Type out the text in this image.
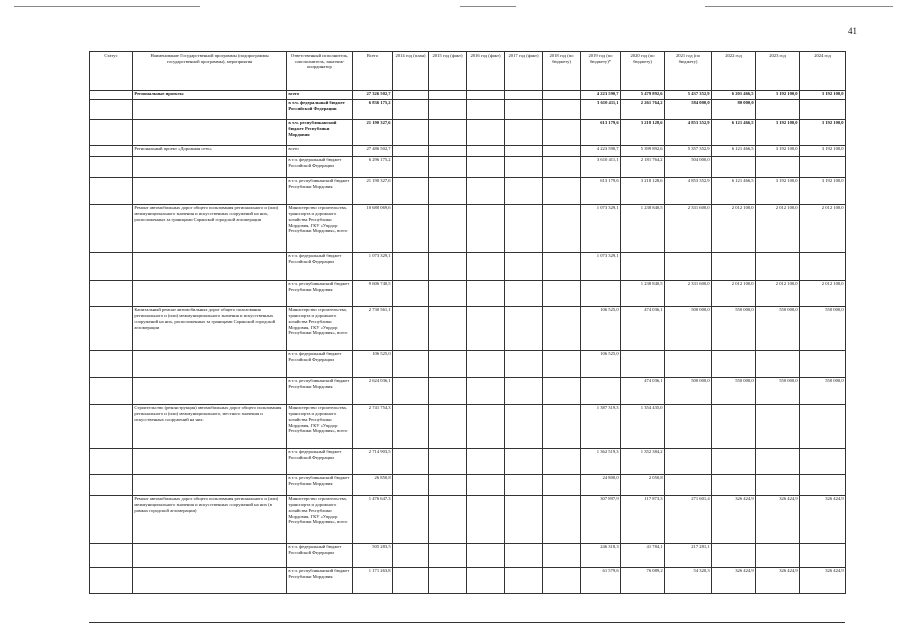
41
Статус	Наименование Государственной программы (подпрограммы государственной программы), мероприятия	Ответственный исполнитель, соисполнитель, заказчик-координатор	Всего	2014 год (план)	2015 год (факт)	2016 год (факт)	2017 год (факт)	2018 год (по бюджету)	2019 год (по бюджету)*	2020 год (по бюджету)	2021 год (по бюджету)	2022 год	2023 год	2024 год
	Региональные проекты	всего	27 326 502,7						4 223 590,7	5 479 892,6	5 437 352,9	6 201 466,5	3 192 100,0	3 192 100,0
		в т.ч. федеральный бюджет Российской Федерации	6 836 175,2						3 610 411,1	2 261 764,2	584 000,0	80 000,0		
		в т.ч. республиканский бюджет Республики Мордовия	21 190 327,6						613 179,6	3 218 128,6	4 853 352,9	6 121 466,5	3 192 100,0	3 192 100,0
	Региональный проект «Дорожная сеть»	всего	27 486 502,7						4 223 590,7	5 399 892,6	5 357 352,9	6 121 466,5	3 192 100,0	3 192 100,0
		в т.ч. федеральный бюджет Российской Федерации	6 296 175,2						3 610 411,1	2 181 764,2	504 000,0			
		в т.ч. республиканский бюджет Республики Мордовия	21 190 327,6						613 179,6	3 218 128,6	4 853 352,9	6 121 466,5	3 192 100,0	3 192 100,0
	Ремонт автомобильных дорог общего пользования регионального и (или) межмуниципального значения и искусственных сооружений на них, расположенных за границами Саранской городской агломерации	Министерство строительства, транспорта и дорожного хозяйства Республики Мордовия, ГКУ «Упрдор Республики Мордовия», всего	10 680 069,6						1 073 329,1	1 238 840,5	2 331 600,0	2 012 100,0	2 012 100,0	2 012 100,0
		в т.ч. федеральный бюджет Российской Федерации	1 073 329,1						1 073 329,1					
		в т.ч. республиканский бюджет Республики Мордовия	9 606 740,5							1 238 840,5	2 331 600,0	2 012 100,0	2 012 100,0	2 012 100,0
	Капитальный ремонт автомобильных дорог общего пользования регионального и (или) межмуниципального значения и искусственных сооружений на них, расположенных за границами Саранской городской агломерации	Министерство строительства, транспорта и дорожного хозяйства Республики Мордовия, ГКУ «Упрдор Республики Мордовия», всего	2 730 561,1						106 525,0	474 036,1	500 000,0	550 000,0	550 000,0	550 000,0
		в т.ч. федеральный бюджет Российской Федерации	106 525,0						106 525,0					
		в т.ч. республиканский бюджет Республики Мордовия	2 624 036,1							474 036,1	500 000,0	550 000,0	550 000,0	550 000,0
	Строительство (реконструкция) автомобильных дорог общего пользования регионального и (или) межмуниципального, местного значения и искусственных сооружений на них.	Министерство строительства, транспорта и дорожного хозяйства Республики Мордовия, ГКУ «Упрдор Республики Мордовия», всего	2 741 754,3						1 387 319,3	1 354 435,0				
		в т.ч. федеральный бюджет Российской Федерации	2 714 903,5						1 362 519,3	1 352 384,2				
		в т.ч. республиканский бюджет Республики Мордовия	26 850,8						24 800,0	2 050,8				
	Ремонт автомобильных дорог общего пользования регионального и (или) межмуниципального значения и искусственных сооружений на них (в рамках городской агломерации)	Министерство строительства, транспорта и дорожного хозяйства Республики Мордовия, ГКУ «Упрдор Республики Мордовия», всего	1 476 647,3						307 897,9	117 873,3	271 601,4	326 424,9	326 424,9	326 424,9
		в т.ч. федеральный бюджет Российской Федерации	505 283,5						246 318,3	41 784,1	217 281,1			
		в т.ч. республиканский бюджет Республики Мордовия	1 171 263,8						61 579,6	76 089,2	54 320,3	326 424,9	326 424,9	326 424,9
